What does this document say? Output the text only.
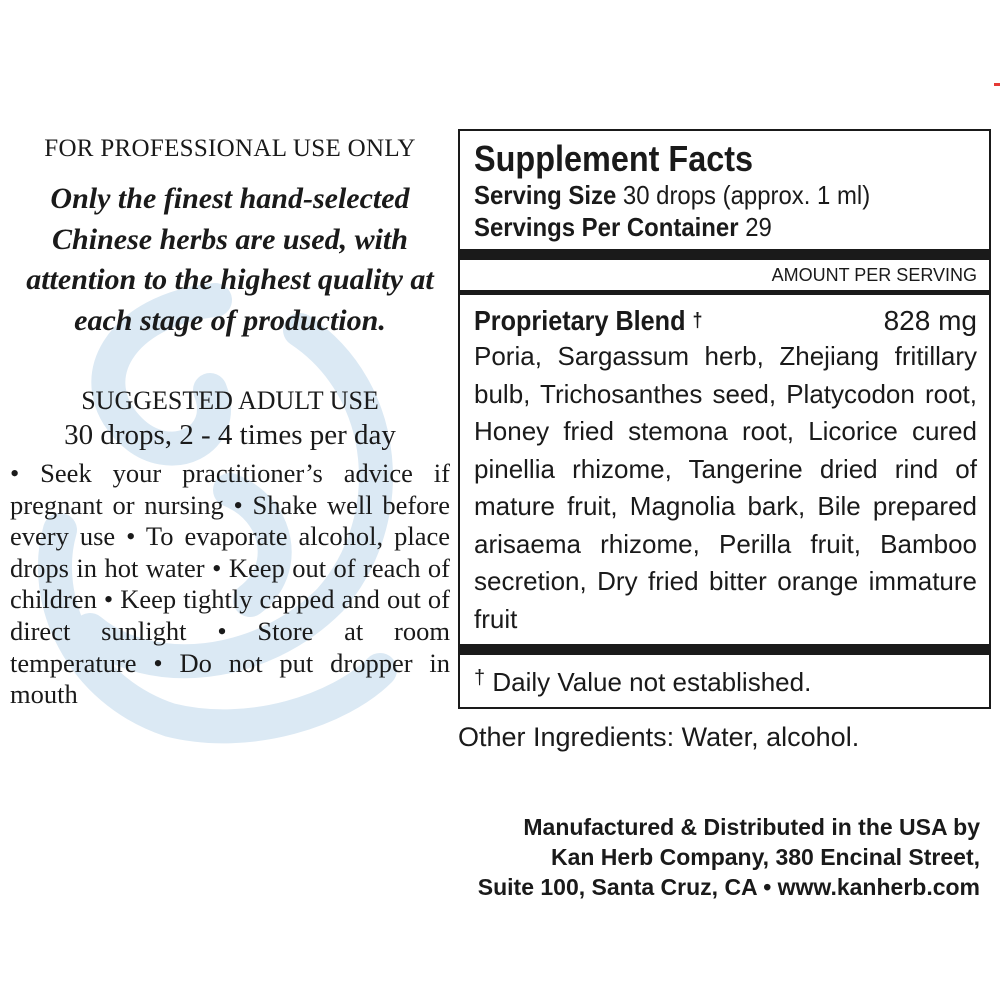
FOR PROFESSIONAL USE ONLY

Only the finest hand-selected Chinese herbs are used, with attention to the highest quality at each stage of production.

SUGGESTED ADULT USE

30 drops, 2 - 4 times per day

• Seek your practitioner’s advice if pregnant or nursing • Shake well before every use • To evaporate alcohol, place drops in hot water • Keep out of reach of children • Keep tightly capped and out of direct sunlight • Store at room temperature • Do not put dropper in mouth

Supplement Facts
Serving Size 30 drops (approx. 1 ml)
Servings Per Container 29
AMOUNT PER SERVING
Proprietary Blend †	828 mg
Poria, Sargassum herb, Zhejiang fritillary bulb, Trichosanthes seed, Platycodon root, Honey fried stemona root, Licorice cured pinellia rhizome, Tangerine dried rind of mature fruit, Magnolia bark, Bile prepared arisaema rhizome, Perilla fruit, Bamboo secretion, Dry fried bitter orange immature fruit
† Daily Value not established.
Other Ingredients: Water, alcohol.
Manufactured & Distributed in the USA by
Kan Herb Company, 380 Encinal Street,
Suite 100, Santa Cruz, CA • www.kanherb.com
